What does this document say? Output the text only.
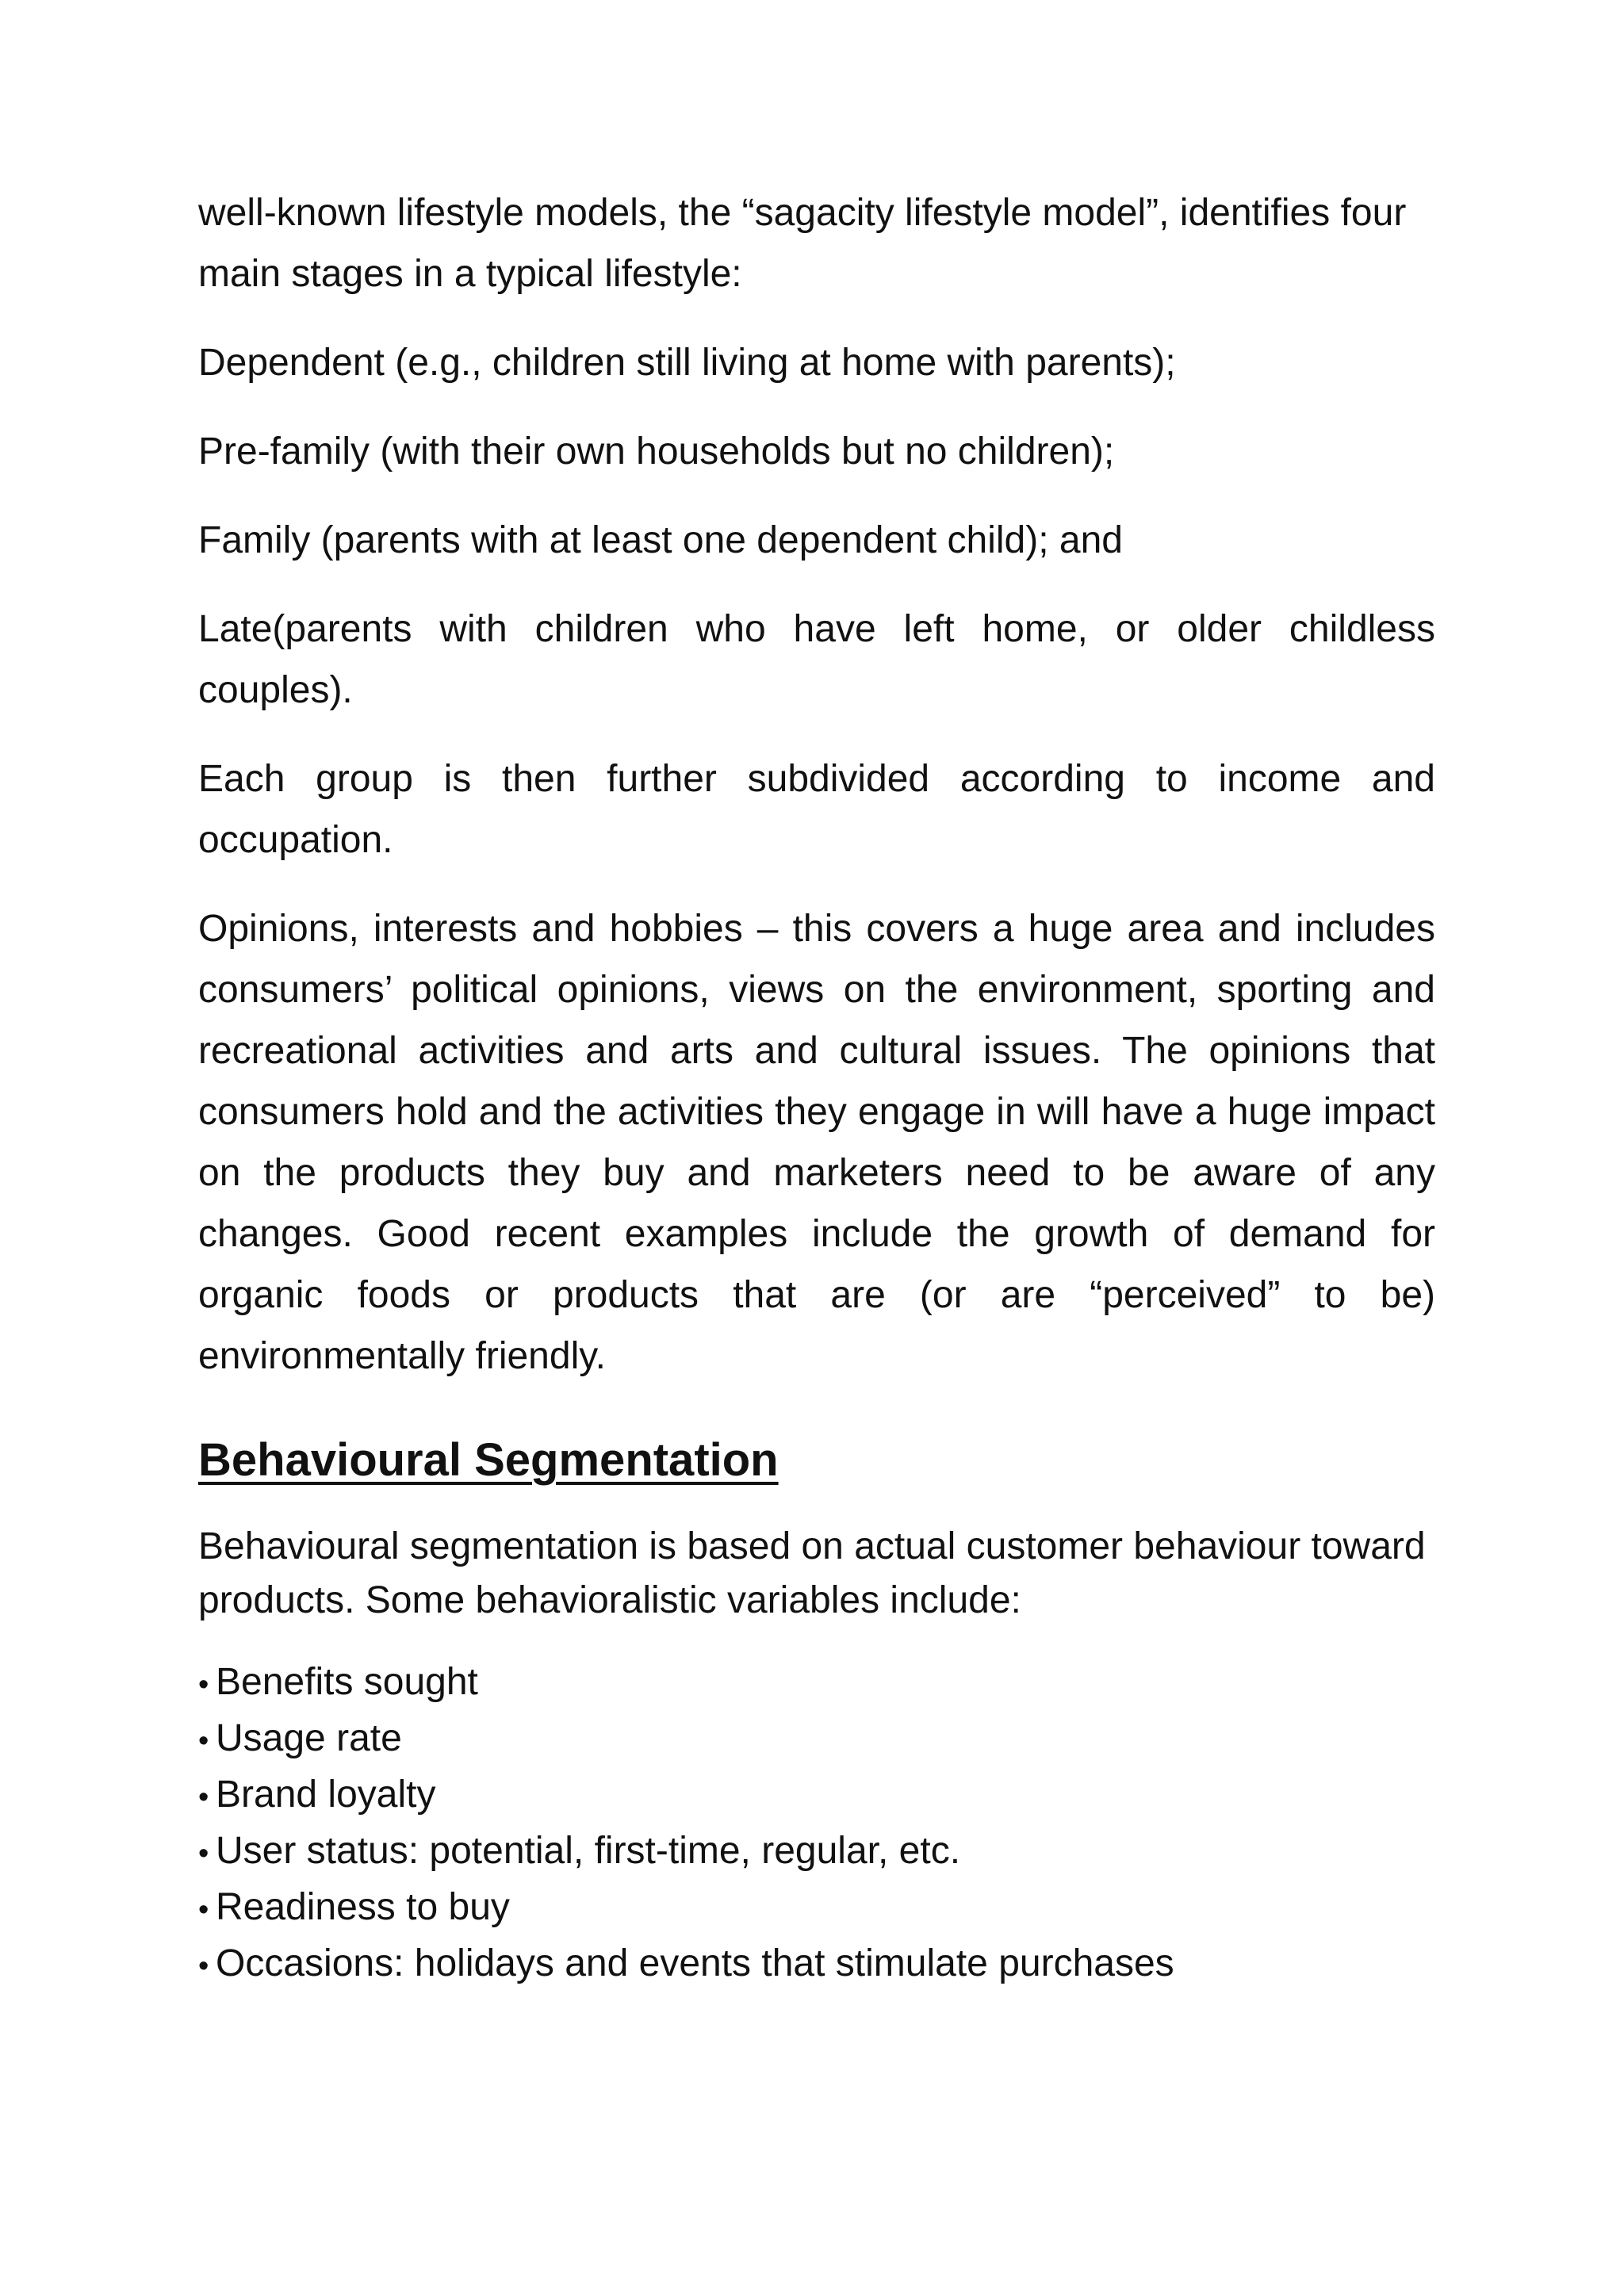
well-known lifestyle models, the “sagacity lifestyle model”, identifies four main stages in a typical lifestyle:

Dependent (e.g., children still living at home with parents);

Pre-family (with their own households but no children);

Family (parents with at least one dependent child); and

Late(parents with children who have left home, or older childless couples).

Each group is then further subdivided according to income and occupation.

Opinions, interests and hobbies – this covers a huge area and includes consumers’ political opinions, views on the environment, sporting and recreational activities and arts and cultural issues. The opinions that consumers hold and the activities they engage in will have a huge impact on the products they buy and marketers need to be aware of any changes. Good recent examples include the growth of demand for organic foods or products that are (or are “perceived” to be) environmentally friendly.

Behavioural Segmentation

Behavioural segmentation is based on actual customer behaviour toward products. Some behavioralistic variables include:

• Benefits sought
• Usage rate
• Brand loyalty
• User status: potential, first-time, regular, etc.
• Readiness to buy
• Occasions: holidays and events that stimulate purchases
